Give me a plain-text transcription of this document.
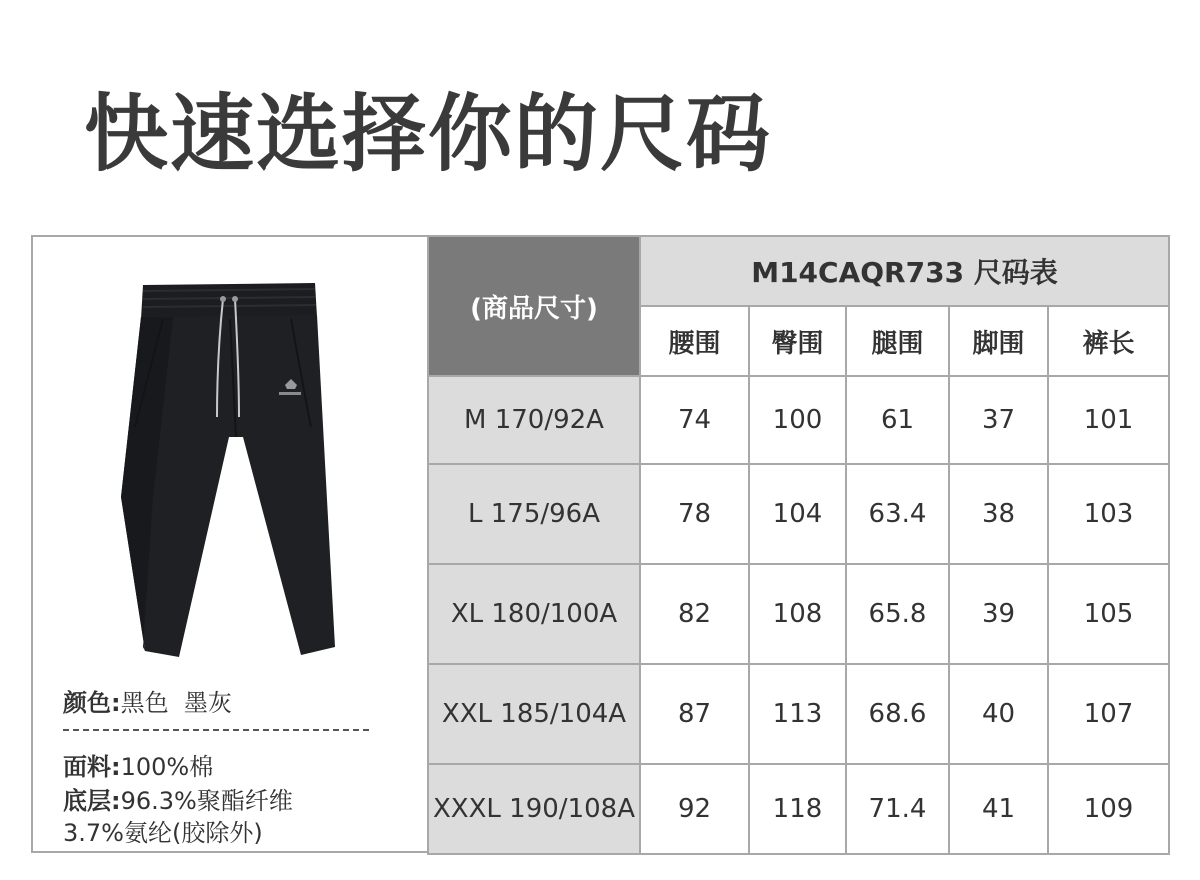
快速选择你的尺码
颜色:黑色  墨灰
面料:100%棉
底层:96.3%聚酯纤维
3.7%氨纶(胶除外)
(商品尺寸)	M14CAQR733 尺码表				
	腰围	臀围	腿围	脚围	裤长
M 170/92A	74	100	61	37	101
L 175/96A	78	104	63.4	38	103
XL 180/100A	82	108	65.8	39	105
XXL 185/104A	87	113	68.6	40	107
XXXL 190/108A	92	118	71.4	41	109
